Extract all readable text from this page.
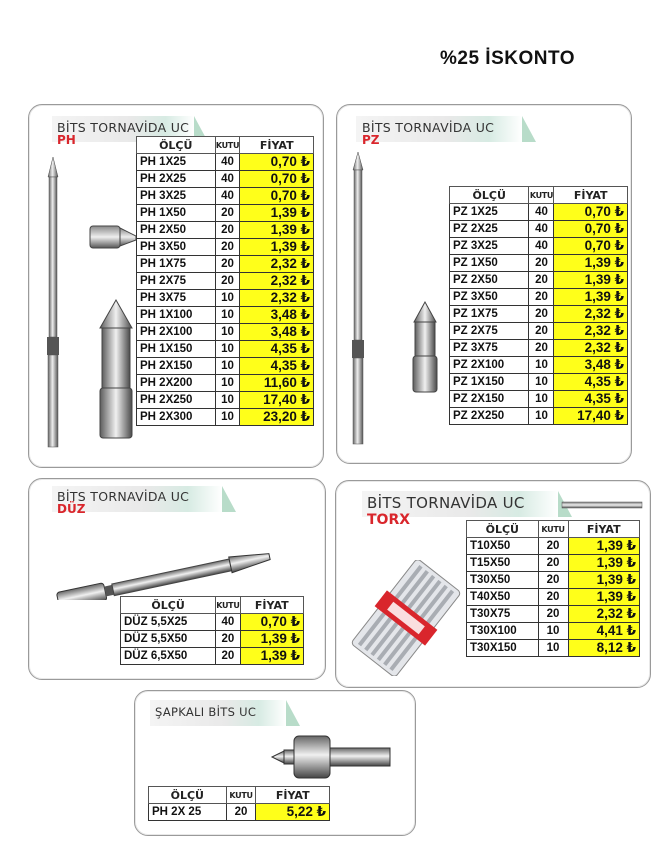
%25 İSKONTO
BİTS TORNAVİDA UC
PH	ÖLÇÜ	KUTU	FİYAT
PH 1X25	40	0,70 ₺
PH 2X25	40	0,70 ₺
PH 3X25	40	0,70 ₺
PH 1X50	20	1,39 ₺
PH 2X50	20	1,39 ₺
PH 3X50	20	1,39 ₺
PH 1X75	20	2,32 ₺
PH 2X75	20	2,32 ₺
PH 3X75	10	2,32 ₺
PH 1X100	10	3,48 ₺
PH 2X100	10	3,48 ₺
PH 1X150	10	4,35 ₺
PH 2X150	10	4,35 ₺
PH 2X200	10	11,60 ₺
PH 2X250	10	17,40 ₺
PH 2X300	10	23,20 ₺
BİTS TORNAVİDA UC
PZ
ÖLÇÜ	KUTU	FİYAT
PZ 1X25	40	0,70 ₺
PZ 2X25	40	0,70 ₺
PZ 3X25	40	0,70 ₺
PZ 1X50	20	1,39 ₺
PZ 2X50	20	1,39 ₺
PZ 3X50	20	1,39 ₺
PZ 1X75	20	2,32 ₺
PZ 2X75	20	2,32 ₺
PZ 3X75	20	2,32 ₺
PZ 2X100	10	3,48 ₺
PZ 1X150	10	4,35 ₺
PZ 2X150	10	4,35 ₺
PZ 2X250	10	17,40 ₺
BİTS TORNAVİDA UC
DÜZ
ÖLÇÜ	KUTU	FİYAT
DÜZ 5,5X25	40	0,70 ₺
DÜZ 5,5X50	20	1,39 ₺
DÜZ 6,5X50	20	1,39 ₺
BİTS TORNAVİDA UC
TORX
ÖLÇÜ	KUTU	FİYAT
T10X50	20	1,39 ₺
T15X50	20	1,39 ₺
T30X50	20	1,39 ₺
T40X50	20	1,39 ₺
T30X75	20	2,32 ₺
T30X100	10	4,41 ₺
T30X150	10	8,12 ₺
ŞAPKALI BİTS UC
ÖLÇÜ	KUTU	FİYAT
PH 2X 25	20	5,22 ₺
